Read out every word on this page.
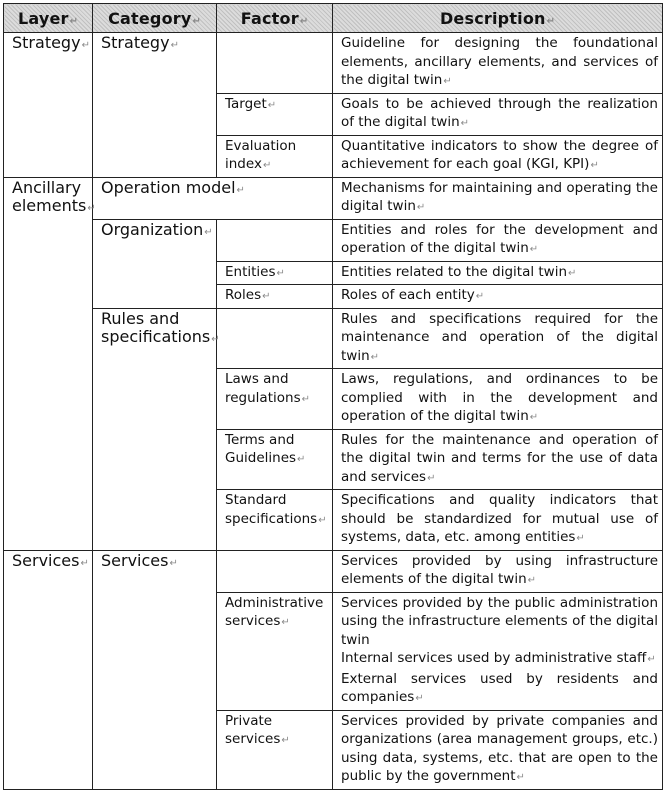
Layer↵	Category↵	Factor↵	Description↵
Strategy↵	Strategy↵		Guideline for designing the foundational elements, ancillary elements, and services of the digital twin↵
		Target↵	Goals to be achieved through the realization of the digital twin↵
		Evaluation index↵	Quantitative indicators to show the degree of achievement for each goal (KGI, KPI)↵
Ancillary elements↵	Operation model↵		Mechanisms for maintaining and operating the digital twin↵
	Organization↵		Entities and roles for the development and operation of the digital twin↵
		Entities↵	Entities related to the digital twin↵
		Roles↵	Roles of each entity↵
	Rules and specifications↵		Rules and specifications required for the maintenance and operation of the digital twin↵
		Laws and regulations↵	Laws, regulations, and ordinances to be complied with in the development and operation of the digital twin↵
		Terms and Guidelines↵	Rules for the maintenance and operation of the digital twin and terms for the use of data and services↵
		Standard specifications↵	Specifications and quality indicators that should be standardized for mutual use of systems, data, etc. among entities↵
Services↵	Services↵		Services provided by using infrastructure elements of the digital twin↵
		Administrative services↵	Services provided by the public administration using the infrastructure elements of the digital twin
Internal services used by administrative staff↵
External services used by residents and companies↵

		Private services↵	Services provided by private companies and organizations (area management groups, etc.) using data, systems, etc. that are open to the public by the government↵
